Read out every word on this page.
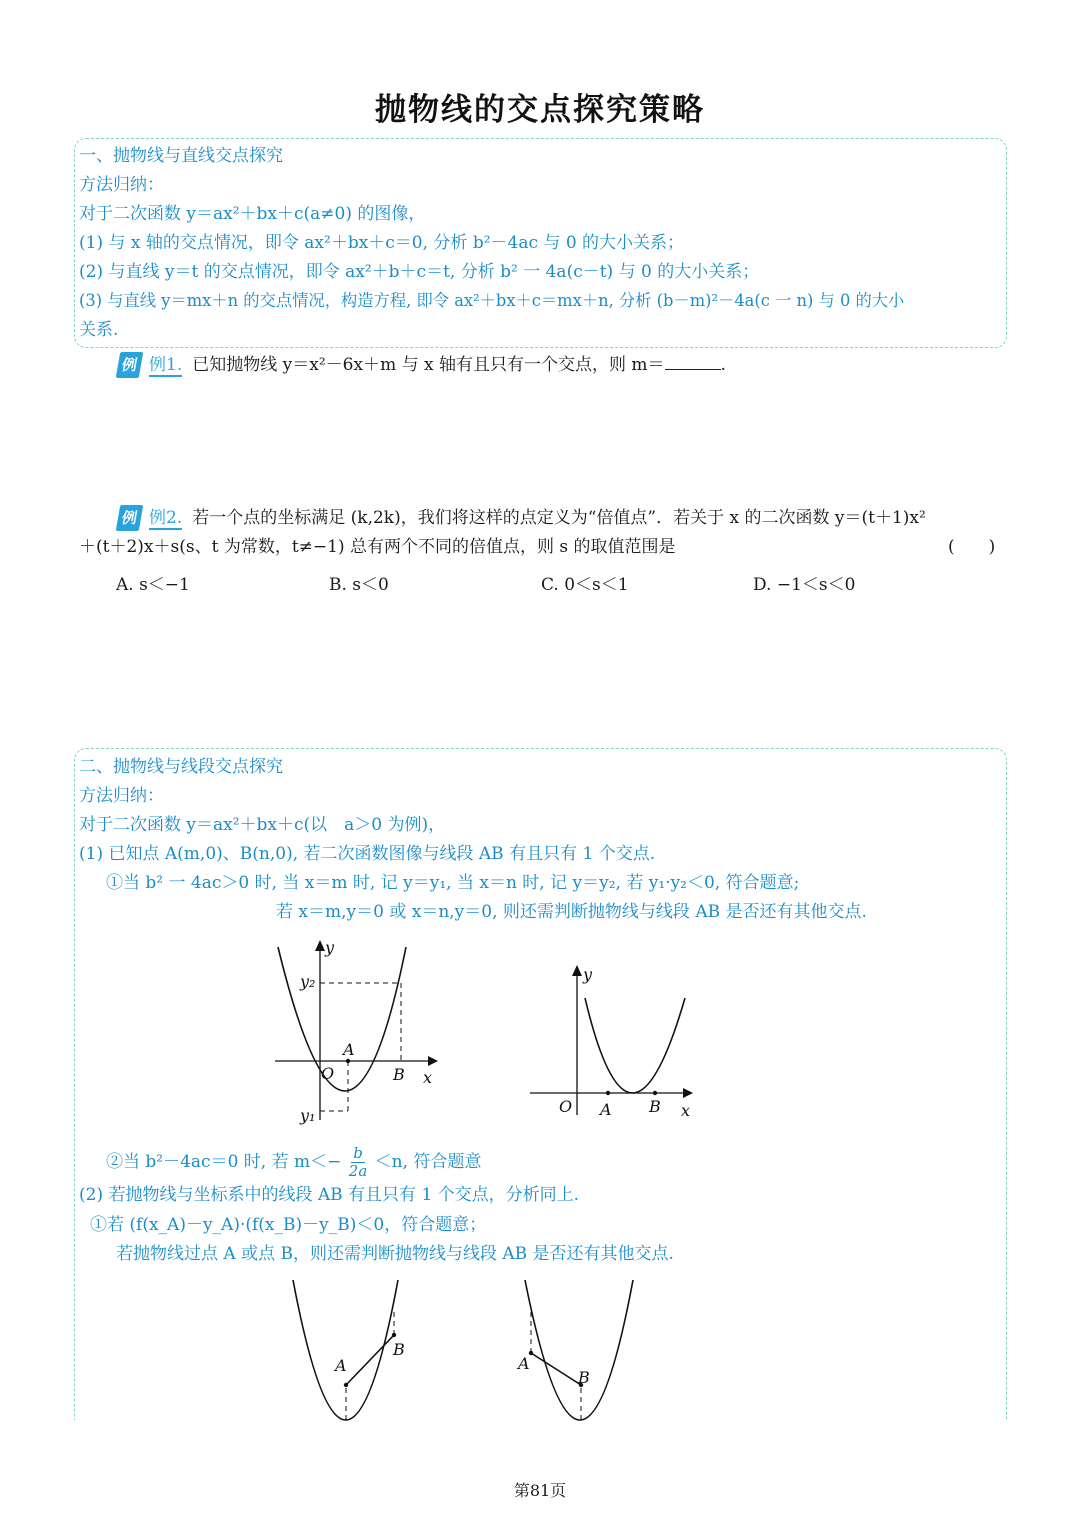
抛物线的交点探究策略
一、抛物线与直线交点探究
方法归纳：
对于二次函数 y＝ax²＋bx＋c(a≠0) 的图像，
(1) 与 x 轴的交点情况，即令 ax²＋bx＋c＝0, 分析 b²－4ac 与 0 的大小关系；
(2) 与直线 y＝t 的交点情况，即令 ax²＋b＋c＝t, 分析 b² 一 4a(c－t) 与 0 的大小关系；
(3) 与直线 y＝mx＋n 的交点情况，构造方程, 即令 ax²＋bx＋c＝mx＋n, 分析 (b－m)²－4a(c 一 n) 与 0 的大小
关系.
例 例1. 已知抛物线 y＝x²－6x＋m 与 x 轴有且只有一个交点，则 m＝	.
例 例2. 若一个点的坐标满足 (k,2k)，我们将这样的点定义为“倍值点”．若关于 x 的二次函数 y＝(t＋1)x²
＋(t＋2)x＋s(s、t 为常数，t≠−1) 总有两个不同的倍值点，则 s 的取值范围是	(　　)
A. s＜−1	B. s＜0	C. 0＜s＜1	D. −1＜s＜0
二、抛物线与线段交点探究
方法归纳：
对于二次函数 y＝ax²＋bx＋c(以　a＞0 为例)，
(1) 已知点 A(m,0)、B(n,0), 若二次函数图像与线段 AB 有且只有 1 个交点.
①当 b² 一 4ac＞0 时, 当 x＝m 时, 记 y＝y₁, 当 x＝n 时, 记 y＝y₂, 若 y₁·y₂＜0, 符合题意;
若 x＝m,y＝0 或 x＝n,y＝0, 则还需判断抛物线与线段 AB 是否还有其他交点.
y
y₂
y₁
A
O	B x
y
O A B x
②当 b²－4ac＝0 时, 若 $m<- \frac{b}{2a} <n$, 符合题意
(2) 若抛物线与坐标系中的线段 AB 有且只有 1 个交点，分析同上.
①若 (f(x_A)－y_A)·(f(x_B)－y_B)＜0，符合题意；
若抛物线过点 A 或点 B，则还需判断抛物线与线段 AB 是否还有其他交点.
A
B
A
B
第81页
